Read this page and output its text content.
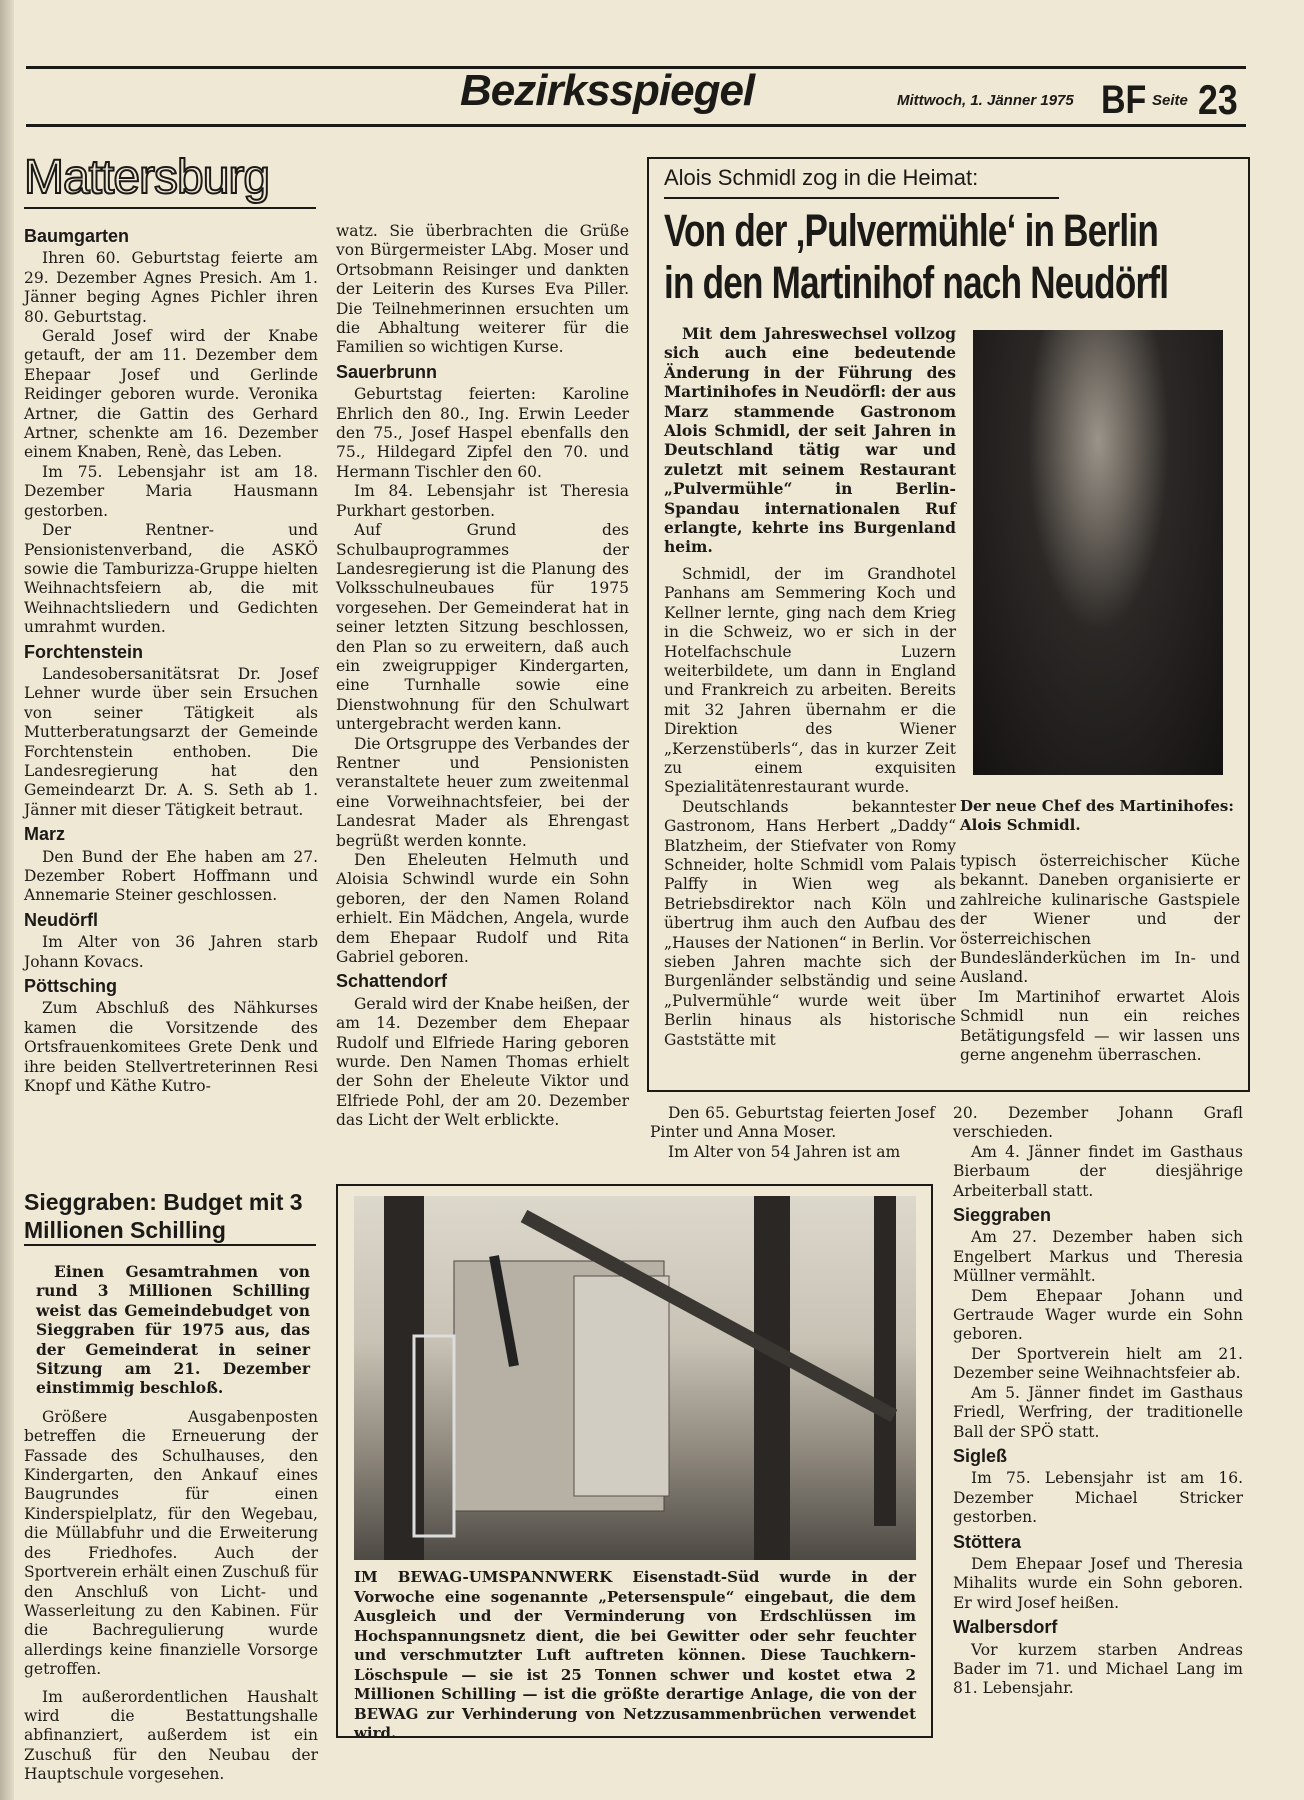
Bezirksspiegel	Mittwoch, 1. Jänner 1975 BF Seite 23
Mattersburg
Baumgarten

Ihren 60. Geburtstag feierte am 29. Dezember Agnes Presich. Am 1. Jänner beging Agnes Pichler ihren 80. Geburtstag.

Gerald Josef wird der Knabe getauft, der am 11. Dezember dem Ehepaar Josef und Gerlinde Reidinger geboren wurde. Veronika Artner, die Gattin des Gerhard Artner, schenkte am 16. Dezember einem Knaben, Renè, das Leben.

Im 75. Lebensjahr ist am 18. Dezember Maria Hausmann gestorben.

Der Rentner- und Pensionistenverband, die ASKÖ sowie die Tamburizza-Gruppe hielten Weihnachtsfeiern ab, die mit Weihnachtsliedern und Gedichten umrahmt wurden.

Forchtenstein

Landesobersanitätsrat Dr. Josef Lehner wurde über sein Ersuchen von seiner Tätigkeit als Mutterberatungsarzt der Gemeinde Forchtenstein enthoben. Die Landesregierung hat den Gemeindearzt Dr. A. S. Seth ab 1. Jänner mit dieser Tätigkeit betraut.

Marz

Den Bund der Ehe haben am 27. Dezember Robert Hoffmann und Annemarie Steiner geschlossen.

Neudörfl

Im Alter von 36 Jahren starb Johann Kovacs.

Pöttsching

Zum Abschluß des Nähkurses kamen die Vorsitzende des Ortsfrauenkomitees Grete Denk und ihre beiden Stellvertreterinnen Resi Knopf und Käthe Kutro-

watz. Sie überbrachten die Grüße von Bürgermeister LAbg. Moser und Ortsobmann Reisinger und dankten der Leiterin des Kurses Eva Piller. Die Teilnehmerinnen ersuchten um die Abhaltung weiterer für die Familien so wichtigen Kurse.

Sauerbrunn

Geburtstag feierten: Karoline Ehrlich den 80., Ing. Erwin Leeder den 75., Josef Haspel ebenfalls den 75., Hildegard Zipfel den 70. und Hermann Tischler den 60.

Im 84. Lebensjahr ist Theresia Purkhart gestorben.

Auf Grund des Schulbauprogrammes der Landesregierung ist die Planung des Volksschulneubaues für 1975 vorgesehen. Der Gemeinderat hat in seiner letzten Sitzung beschlossen, den Plan so zu erweitern, daß auch ein zweigruppiger Kindergarten, eine Turnhalle sowie eine Dienstwohnung für den Schulwart untergebracht werden kann.

Die Ortsgruppe des Verbandes der Rentner und Pensionisten veranstaltete heuer zum zweitenmal eine Vorweihnachtsfeier, bei der Landesrat Mader als Ehrengast begrüßt werden konnte.

Den Eheleuten Helmuth und Aloisia Schwindl wurde ein Sohn geboren, der den Namen Roland erhielt. Ein Mädchen, Angela, wurde dem Ehepaar Rudolf und Rita Gabriel geboren.

Schattendorf

Gerald wird der Knabe heißen, der am 14. Dezember dem Ehepaar Rudolf und Elfriede Haring geboren wurde. Den Namen Thomas erhielt der Sohn der Eheleute Viktor und Elfriede Pohl, der am 20. Dezember das Licht der Welt erblickte.

Alois Schmidl zog in die Heimat:
Von der ‚Pulvermühle‘ in Berlin
in den Martinihof nach Neudörfl

Mit dem Jahreswechsel vollzog sich auch eine bedeutende Änderung in der Führung des Martinihofes in Neudörfl: der aus Marz stammende Gastronom Alois Schmidl, der seit Jahren in Deutschland tätig war und zuletzt mit seinem Restaurant „Pulvermühle“ in Berlin-Spandau internationalen Ruf erlangte, kehrte ins Burgenland heim.

Schmidl, der im Grandhotel Panhans am Semmering Koch und Kellner lernte, ging nach dem Krieg in die Schweiz, wo er sich in der Hotelfachschule Luzern weiterbildete, um dann in England und Frankreich zu arbeiten. Bereits mit 32 Jahren übernahm er die Direktion des Wiener „Kerzenstüberls“, das in kurzer Zeit zu einem exquisiten Spezialitätenrestaurant wurde.

Deutschlands bekanntester Gastronom, Hans Herbert „Daddy“ Blatzheim, der Stiefvater von Romy Schneider, holte Schmidl vom Palais Palffy in Wien weg als Betriebsdirektor nach Köln und übertrug ihm auch den Aufbau des „Hauses der Nationen“ in Berlin. Vor sieben Jahren machte sich der Burgenländer selbständig und seine „Pulvermühle“ wurde weit über Berlin hinaus als historische Gaststätte mit

Der neue Chef des Martinihofes: Alois Schmidl.

typisch österreichischer Küche bekannt. Daneben organisierte er zahlreiche kulinarische Gastspiele der Wiener und der österreichischen Bundesländerküchen im In- und Ausland.

Im Martinihof erwartet Alois Schmidl nun ein reiches Betätigungsfeld — wir lassen uns gerne angenehm überraschen.

Den 65. Geburtstag feierten Josef Pinter und Anna Moser.

Im Alter von 54 Jahren ist am

20. Dezember Johann Grafl verschieden.

Am 4. Jänner findet im Gasthaus Bierbaum der diesjährige Arbeiterball statt.

Sieggraben

Am 27. Dezember haben sich Engelbert Markus und Theresia Müllner vermählt.

Dem Ehepaar Johann und Gertraude Wager wurde ein Sohn geboren.

Der Sportverein hielt am 21. Dezember seine Weihnachtsfeier ab.

Am 5. Jänner findet im Gasthaus Friedl, Werfring, der traditionelle Ball der SPÖ statt.

Sigleß

Im 75. Lebensjahr ist am 16. Dezember Michael Stricker gestorben.

Stöttera

Dem Ehepaar Josef und Theresia Mihalits wurde ein Sohn geboren. Er wird Josef heißen.

Walbersdorf

Vor kurzem starben Andreas Bader im 71. und Michael Lang im 81. Lebensjahr.

Sieggraben: Budget mit 3 Millionen Schilling

Einen Gesamtrahmen von rund 3 Millionen Schilling weist das Gemeindebudget von Sieggraben für 1975 aus, das der Gemeinderat in seiner Sitzung am 21. Dezember einstimmig beschloß.

Größere Ausgabenposten betreffen die Erneuerung der Fassade des Schulhauses, den Kindergarten, den Ankauf eines Baugrundes für einen Kinderspielplatz, für den Wegebau, die Müllabfuhr und die Erweiterung des Friedhofes. Auch der Sportverein erhält einen Zuschuß für den Anschluß von Licht- und Wasserleitung zu den Kabinen. Für die Bachregulierung wurde allerdings keine finanzielle Vorsorge getroffen.

Im außerordentlichen Haushalt wird die Bestattungshalle abfinanziert, außerdem ist ein Zuschuß für den Neubau der Hauptschule vorgesehen.

IM BEWAG-UMSPANNWERK Eisenstadt-Süd wurde in der Vorwoche eine sogenannte „Petersenspule“ eingebaut, die dem Ausgleich und der Verminderung von Erdschlüssen im Hochspannungsnetz dient, die bei Gewitter oder sehr feuchter und verschmutzter Luft auftreten können. Diese Tauchkern-Löschspule — sie ist 25 Tonnen schwer und kostet etwa 2 Millionen Schilling — ist die größte derartige Anlage, die von der BEWAG zur Verhinderung von Netzzusammenbrüchen verwendet wird.
